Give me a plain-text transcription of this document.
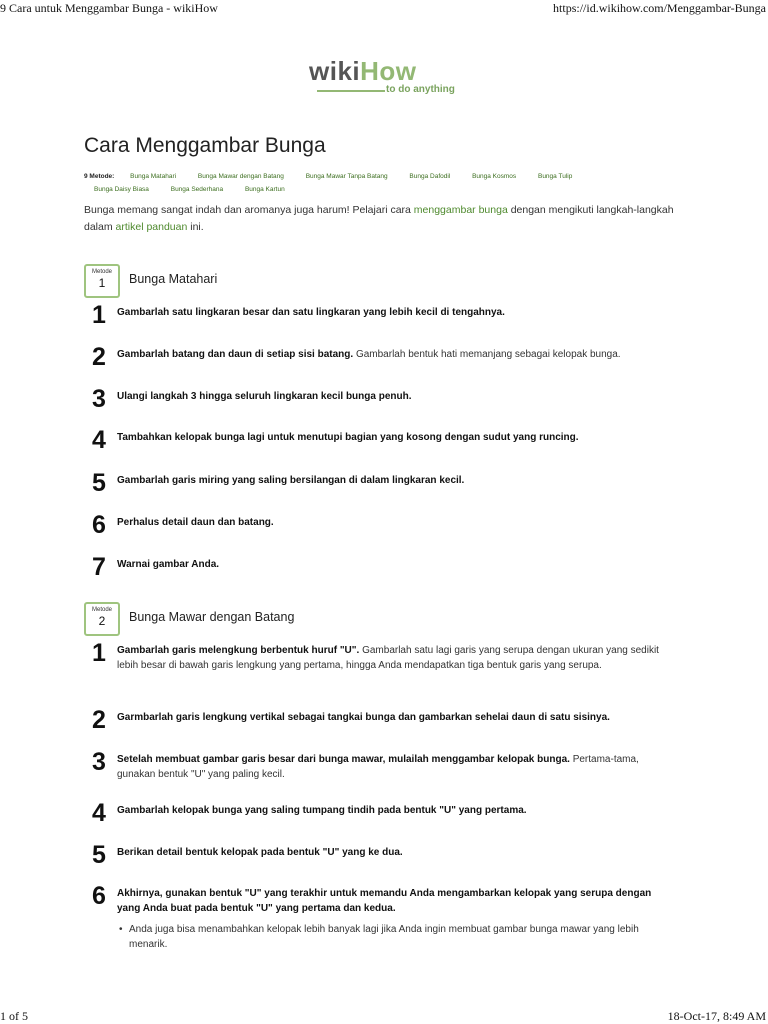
9 Cara untuk Menggambar Bunga - wikiHow	https://id.wikihow.com/Menggambar-Bunga
wikiHow
to do anything
Cara Menggambar Bunga
9 Metode: Bunga Matahari	Bunga Mawar dengan Batang	Bunga Mawar Tanpa Batang	Bunga Dafodil	Bunga Kosmos	Bunga Tulip
Bunga Daisy Biasa	Bunga Sederhana	Bunga Kartun
Bunga memang sangat indah dan aromanya juga harum! Pelajari cara menggambar bunga dengan mengikuti langkah-langkah dalam artikel panduan ini.
Metode
1	Bunga Matahari
1	Gambarlah satu lingkaran besar dan satu lingkaran yang lebih kecil di tengahnya.
2	Gambarlah batang dan daun di setiap sisi batang. Gambarlah bentuk hati memanjang sebagai kelopak bunga.
3	Ulangi langkah 3 hingga seluruh lingkaran kecil bunga penuh.
4	Tambahkan kelopak bunga lagi untuk menutupi bagian yang kosong dengan sudut yang runcing.
5	Gambarlah garis miring yang saling bersilangan di dalam lingkaran kecil.
6	Perhalus detail daun dan batang.
7	Warnai gambar Anda.
Metode
2	Bunga Mawar dengan Batang
1	Gambarlah garis melengkung berbentuk huruf "U". Gambarlah satu lagi garis yang serupa dengan ukuran yang sedikit lebih besar di bawah garis lengkung yang pertama, hingga Anda mendapatkan tiga bentuk garis yang serupa.
2	Garmbarlah garis lengkung vertikal sebagai tangkai bunga dan gambarkan sehelai daun di satu sisinya.
3	Setelah membuat gambar garis besar dari bunga mawar, mulailah menggambar kelopak bunga. Pertama-tama, gunakan bentuk "U" yang paling kecil.
4	Gambarlah kelopak bunga yang saling tumpang tindih pada bentuk "U" yang pertama.
5	Berikan detail bentuk kelopak pada bentuk "U" yang ke dua.
6	Akhirnya, gunakan bentuk "U" yang terakhir untuk memandu Anda mengambarkan kelopak yang serupa dengan yang Anda buat pada bentuk "U" yang pertama dan kedua.
• Anda juga bisa menambahkan kelopak lebih banyak lagi jika Anda ingin membuat gambar bunga mawar yang lebih menarik.
1 of 5	18-Oct-17, 8:49 AM
